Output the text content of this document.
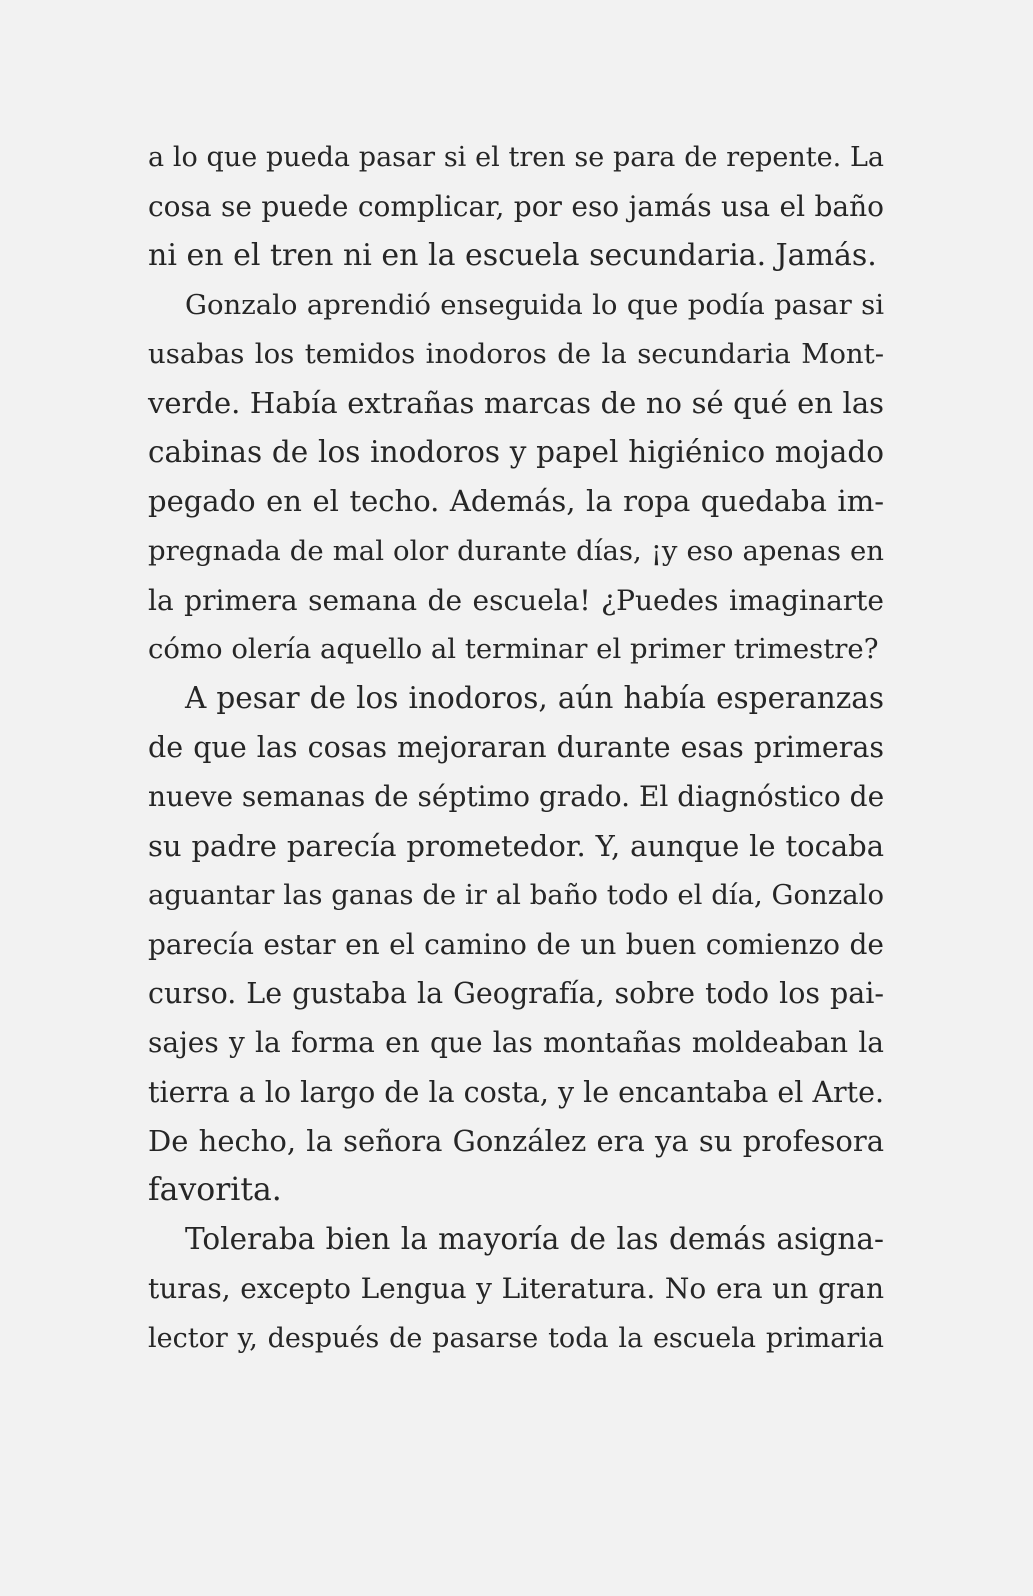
a lo que pueda pasar si el tren se para de repente. La
cosa se puede complicar, por eso jamás usa el baño
ni en el tren ni en la escuela secundaria. Jamás.
Gonzalo aprendió enseguida lo que podía pasar si
usabas los temidos inodoros de la secundaria Mont-
verde. Había extrañas marcas de no sé qué en las
cabinas de los inodoros y papel higiénico mojado
pegado en el techo. Además, la ropa quedaba im-
pregnada de mal olor durante días, ¡y eso apenas en
la primera semana de escuela! ¿Puedes imaginarte
cómo olería aquello al terminar el primer trimestre?
A pesar de los inodoros, aún había esperanzas
de que las cosas mejoraran durante esas primeras
nueve semanas de séptimo grado. El diagnóstico de
su padre parecía prometedor. Y, aunque le tocaba
aguantar las ganas de ir al baño todo el día, Gonzalo
parecía estar en el camino de un buen comienzo de
curso. Le gustaba la Geografía, sobre todo los pai-
sajes y la forma en que las montañas moldeaban la
tierra a lo largo de la costa, y le encantaba el Arte.
De hecho, la señora González era ya su profesora
favorita.
Toleraba bien la mayoría de las demás asigna-
turas, excepto Lengua y Literatura. No era un gran
lector y, después de pasarse toda la escuela primaria
